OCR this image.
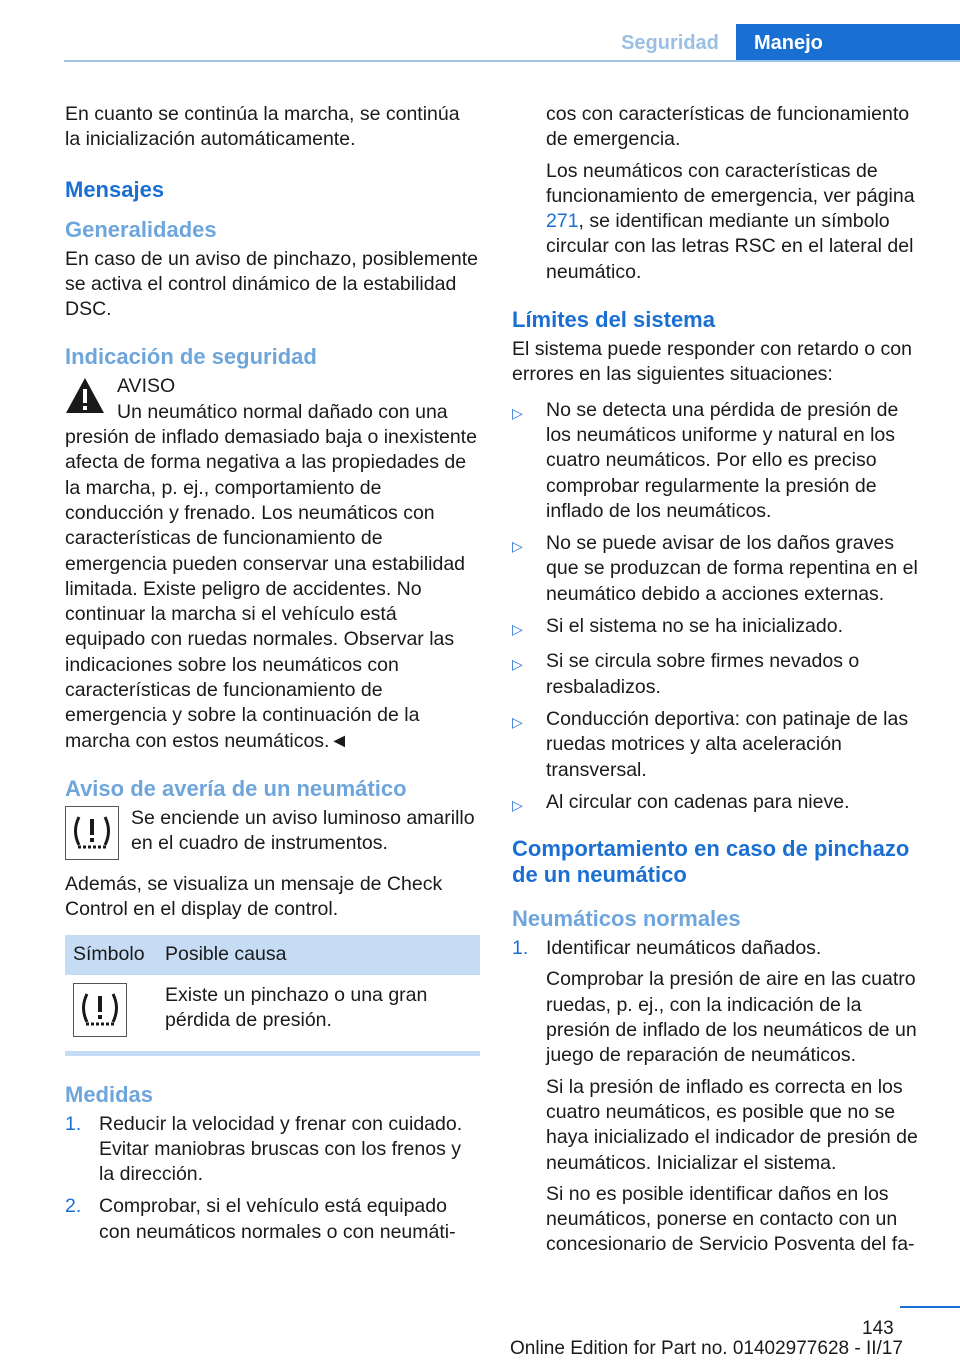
Seguridad	Manejo

En cuanto se continúa la marcha, se continúa la inicialización automáticamente.

Mensajes
Generalidades

En caso de un aviso de pinchazo, posiblemente se activa el control dinámico de la estabilidad DSC.

Indicación de seguridad
AVISO
Un neumático normal dañado con una

presión de inflado demasiado baja o inexistente afecta de forma negativa a las propiedades de la marcha, p. ej., comportamiento de conducción y frenado. Los neumáticos con características de funcionamiento de emergencia pueden conservar una estabilidad limitada. Existe peligro de accidentes. No continuar la marcha si el vehículo está equipado con ruedas normales. Observar las indicaciones sobre los neumáticos con características de funcionamiento de emergencia y sobre la continuación de la marcha con estos neumáticos.◄

Aviso de avería de un neumático
Se enciende un aviso luminoso amarillo en el cuadro de instrumentos.

Además, se visualiza un mensaje de Check Control en el display de control.

Símbolo	Posible causa

	Existe un pinchazo o una gran pérdida de presión.
Medidas
1. Reducir la velocidad y frenar con cuidado. Evitar maniobras bruscas con los frenos y la dirección.
2. Comprobar, si el vehículo está equipado con neumáticos normales o con neumáti-

cos con características de funcionamiento de emergencia.

Los neumáticos con características de funcionamiento de emergencia, ver página 271, se identifican mediante un símbolo circular con las letras RSC en el lateral del neumático.

Límites del sistema

El sistema puede responder con retardo o con errores en las siguientes situaciones:

▷	No se detecta una pérdida de presión de los neumáticos uniforme y natural en los cuatro neumáticos. Por ello es preciso comprobar regularmente la presión de inflado de los neumáticos.
▷	No se puede avisar de los daños graves que se produzcan de forma repentina en el neumático debido a acciones externas.
▷	Si el sistema no se ha inicializado.
▷	Si se circula sobre firmes nevados o resbaladizos.
▷	Conducción deportiva: con patinaje de las ruedas motrices y alta aceleración transversal.
▷	Al circular con cadenas para nieve.
Comportamiento en caso de pinchazo de un neumático
Neumáticos normales
1. Identificar neumáticos dañados.

Comprobar la presión de aire en las cuatro ruedas, p. ej., con la indicación de la presión de inflado de los neumáticos de un juego de reparación de neumáticos.

Si la presión de inflado es correcta en los cuatro neumáticos, es posible que no se haya inicializado el indicador de presión de neumáticos. Inicializar el sistema.

Si no es posible identificar daños en los neumáticos, ponerse en contacto con un concesionario de Servicio Posventa del fa-

143
Online Edition for Part no. 01402977628 - II/17
